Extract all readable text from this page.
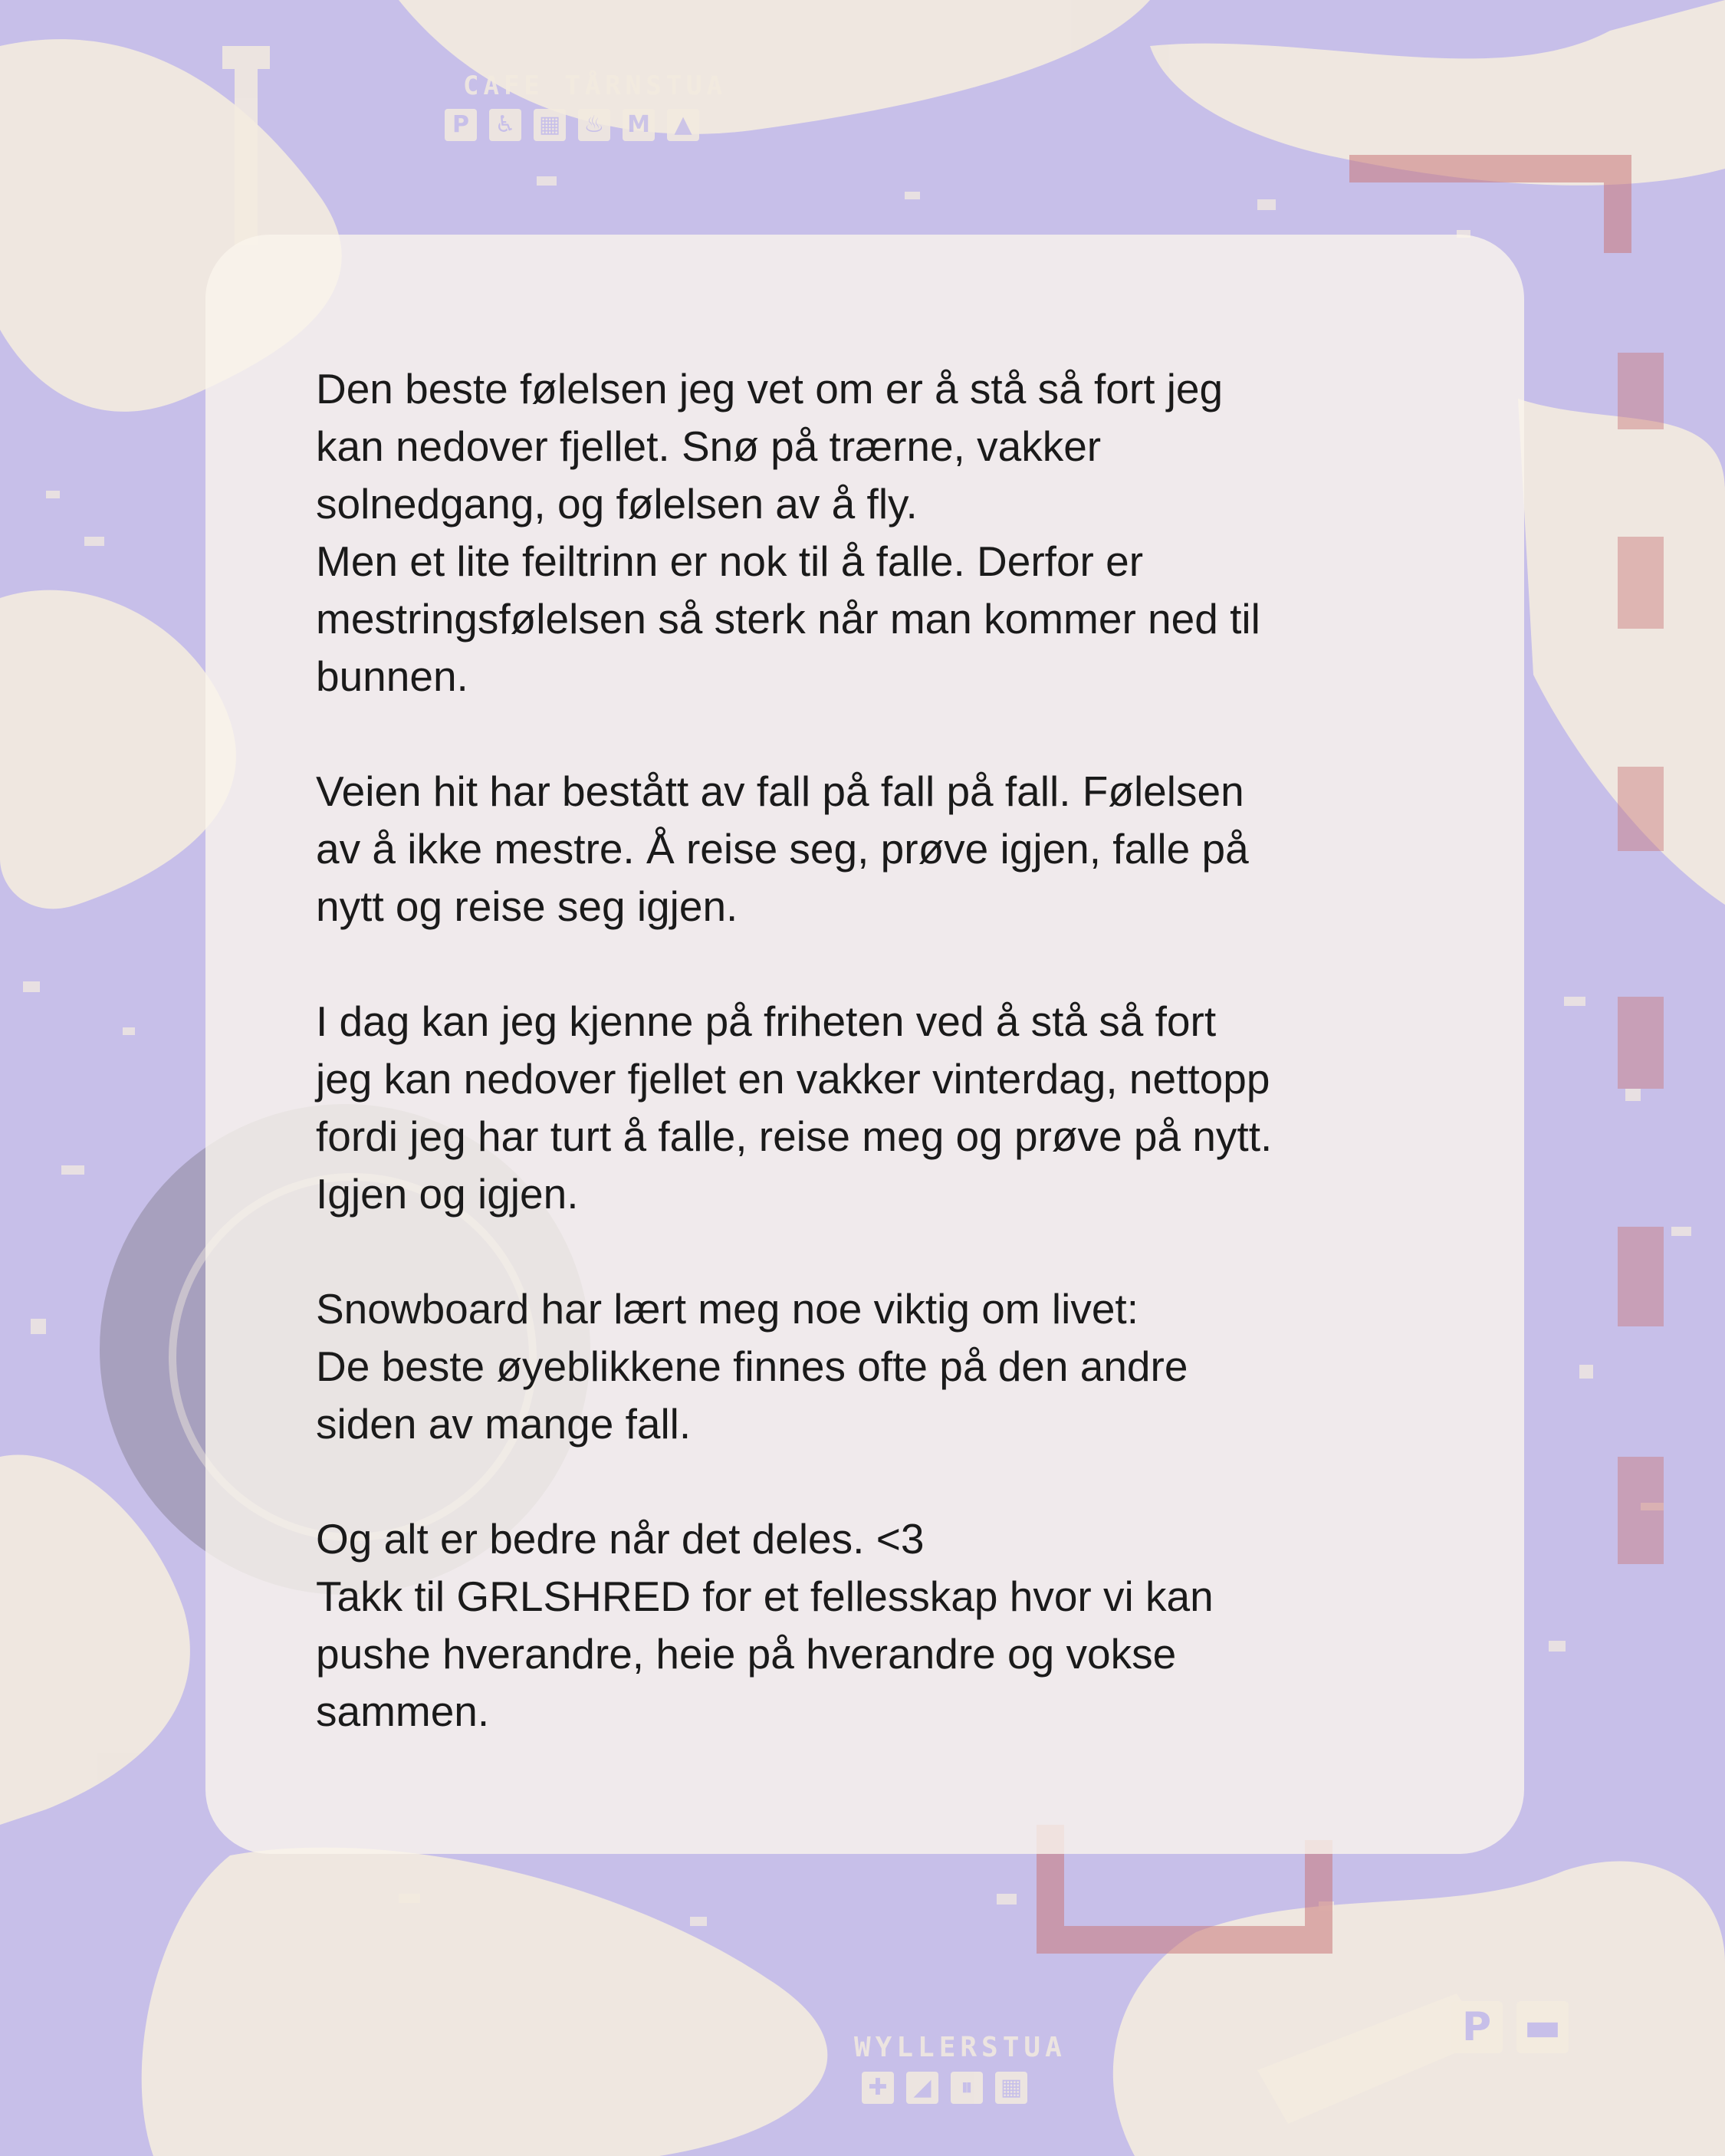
CAFE TÅRNSTUA
P	♿ ▦ ♨ M	▲
WYLLERSTUA
✚	◢	⏸	▦
P ▬

Den beste følelsen jeg vet om er å stå så fort jeg
kan nedover fjellet. Snø på trærne, vakker
solnedgang, og følelsen av å fly.
Men et lite feiltrinn er nok til å falle. Derfor er
mestringsfølelsen så sterk når man kommer ned til
bunnen.

Veien hit har bestått av fall på fall på fall. Følelsen
av å ikke mestre. Å reise seg, prøve igjen, falle på
nytt og reise seg igjen.

I dag kan jeg kjenne på friheten ved å stå så fort
jeg kan nedover fjellet en vakker vinterdag, nettopp
fordi jeg har turt å falle, reise meg og prøve på nytt.
Igjen og igjen.

Snowboard har lært meg noe viktig om livet:
De beste øyeblikkene finnes ofte på den andre
siden av mange fall.

Og alt er bedre når det deles. <3
Takk til GRLSHRED for et fellesskap hvor vi kan
pushe hverandre, heie på hverandre og vokse
sammen.
